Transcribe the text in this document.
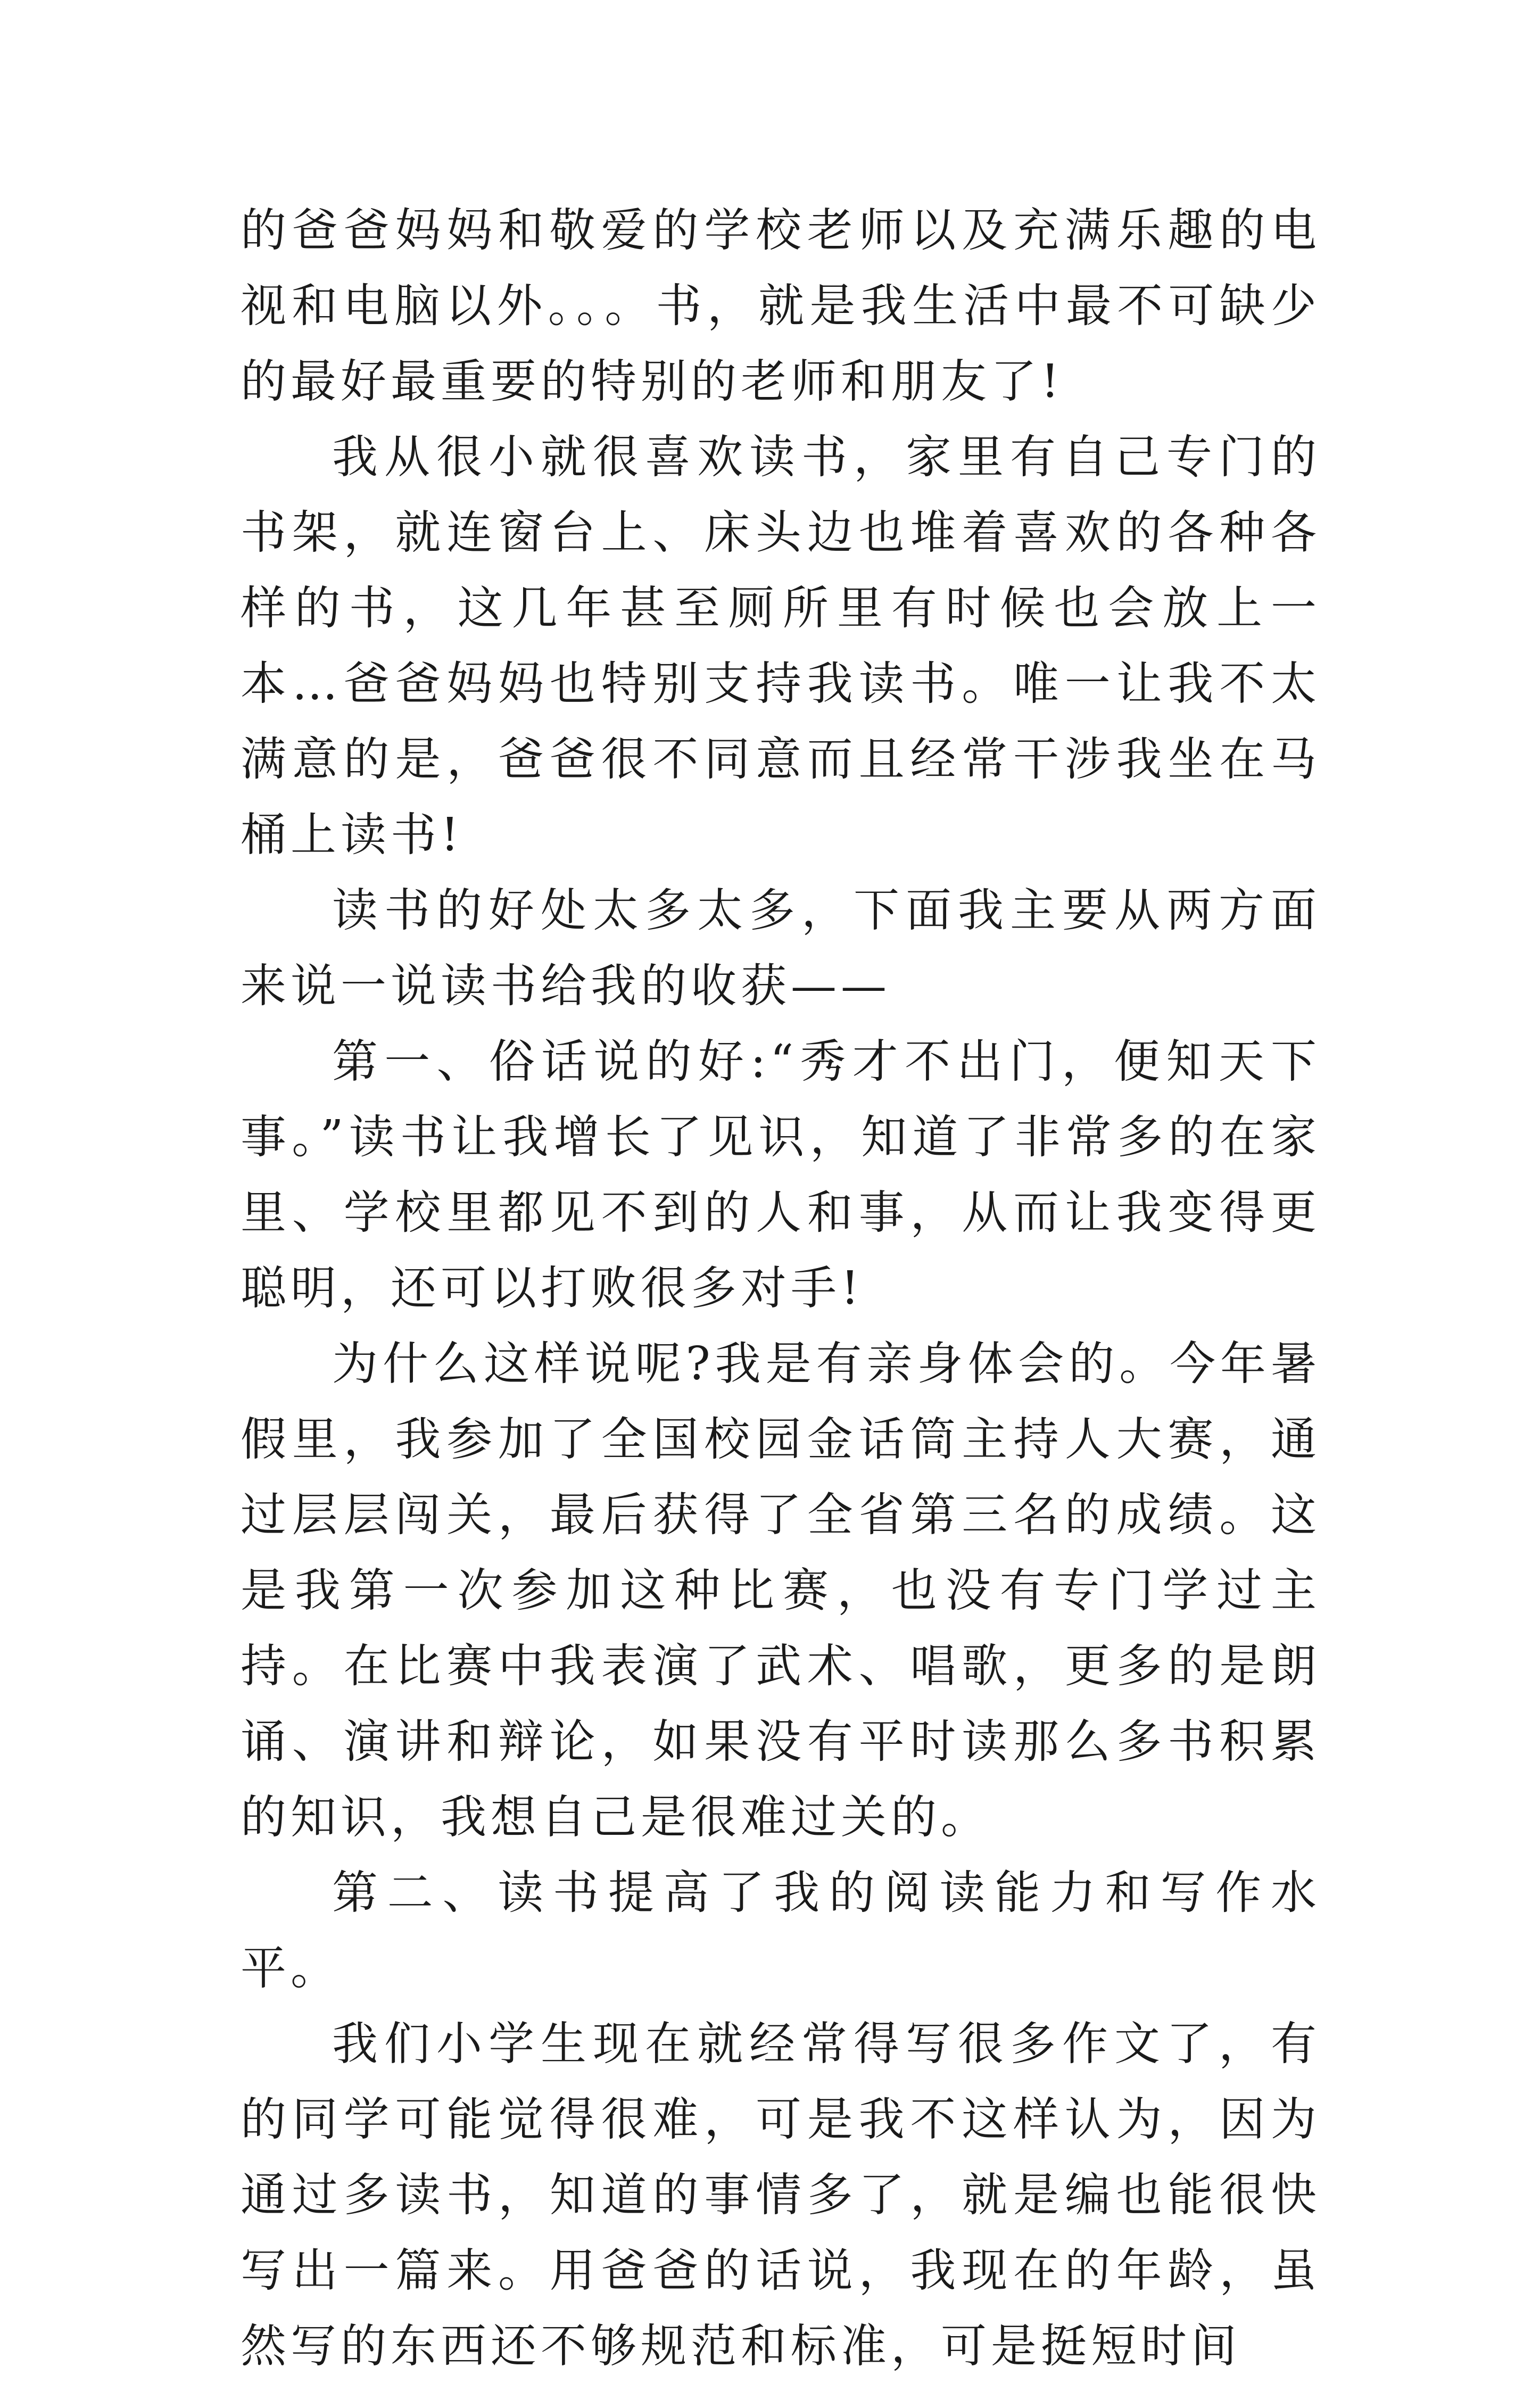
的爸爸妈妈和敬爱的学校老师以及充满乐趣的电视和电脑以外。。。书，就是我生活中最不可缺少的最好最重要的特别的老师和朋友了!

我从很小就很喜欢读书，家里有自己专门的书架，就连窗台上、床头边也堆着喜欢的各种各样的书，这几年甚至厕所里有时候也会放上一本…爸爸妈妈也特别支持我读书。唯一让我不太满意的是，爸爸很不同意而且经常干涉我坐在马桶上读书!

读书的好处太多太多，下面我主要从两方面来说一说读书给我的收获——

第一、俗话说的好:“秀才不出门，便知天下事。”读书让我增长了见识，知道了非常多的在家里、学校里都见不到的人和事，从而让我变得更聪明，还可以打败很多对手!

为什么这样说呢?我是有亲身体会的。今年暑假里，我参加了全国校园金话筒主持人大赛，通过层层闯关，最后获得了全省第三名的成绩。这是我第一次参加这种比赛，也没有专门学过主持。在比赛中我表演了武术、唱歌，更多的是朗诵、演讲和辩论，如果没有平时读那么多书积累的知识，我想自己是很难过关的。

第二、读书提高了我的阅读能力和写作水平。

我们小学生现在就经常得写很多作文了，有的同学可能觉得很难，可是我不这样认为，因为通过多读书，知道的事情多了，就是编也能很快写出一篇来。用爸爸的话说，我现在的年龄，虽然写的东西还不够规范和标准，可是挺短时间
